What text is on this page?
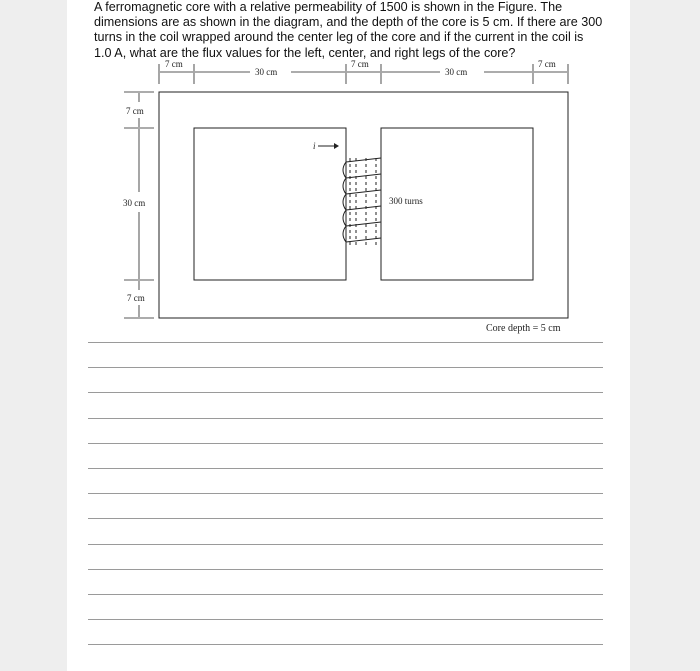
A ferromagnetic core with a relative permeability of 1500 is shown in the Figure. The dimensions are as shown in the diagram, and the depth of the core is 5 cm. If there are 300 turns in the coil wrapped around the center leg of the core and if the current in the coil is 1.0 A, what are the flux values for the left, center, and right legs of the core?
i
7 cm
30 cm
7 cm
30 cm
7 cm
7 cm
30 cm
7 cm
300 turns
Core depth = 5 cm
